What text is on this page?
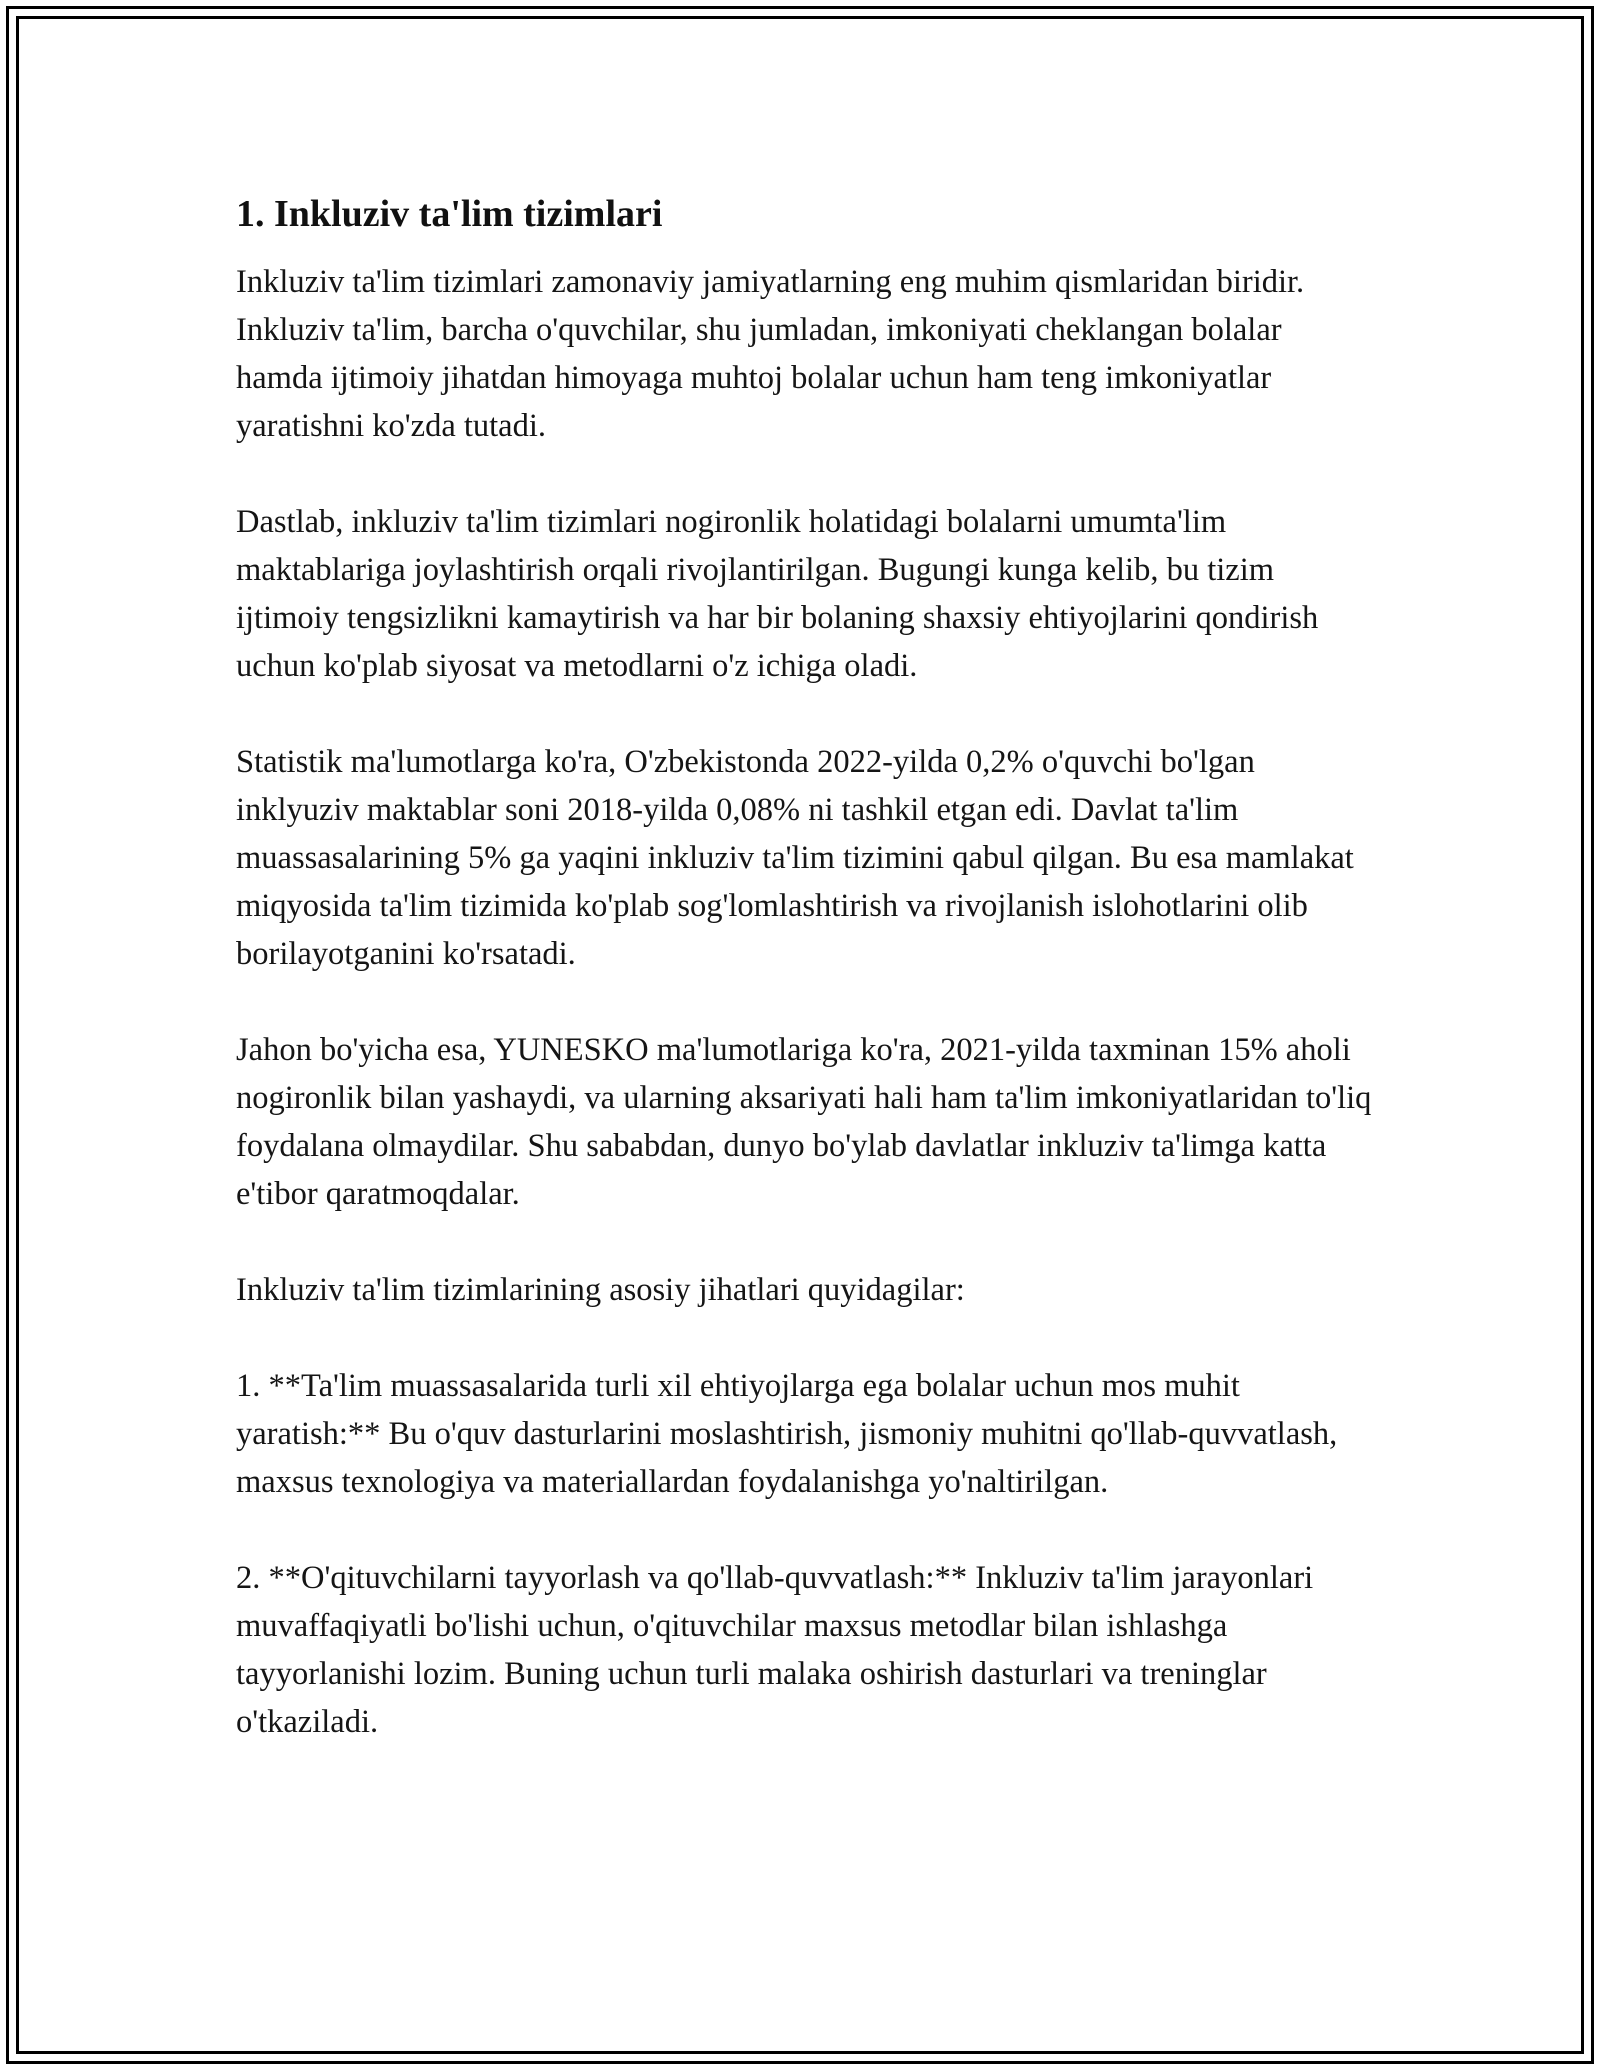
1. Inkluziv ta'lim tizimlari

Inkluziv ta'lim tizimlari zamonaviy jamiyatlarning eng muhim qismlaridan biridir. Inkluziv ta'lim, barcha o'quvchilar, shu jumladan, imkoniyati cheklangan bolalar hamda ijtimoiy jihatdan himoyaga muhtoj bolalar uchun ham teng imkoniyatlar yaratishni ko'zda tutadi.

Dastlab, inkluziv ta'lim tizimlari nogironlik holatidagi bolalarni umumta'lim maktablariga joylashtirish orqali rivojlantirilgan. Bugungi kunga kelib, bu tizim ijtimoiy tengsizlikni kamaytirish va har bir bolaning shaxsiy ehtiyojlarini qondirish uchun ko'plab siyosat va metodlarni o'z ichiga oladi.

Statistik ma'lumotlarga ko'ra, O'zbekistonda 2022-yilda 0,2% o'quvchi bo'lgan inklyuziv maktablar soni 2018-yilda 0,08% ni tashkil etgan edi. Davlat ta'lim muassasalarining 5% ga yaqini inkluziv ta'lim tizimini qabul qilgan. Bu esa mamlakat miqyosida ta'lim tizimida ko'plab sog'lomlashtirish va rivojlanish islohotlarini olib borilayotganini ko'rsatadi.

Jahon bo'yicha esa, YUNESKO ma'lumotlariga ko'ra, 2021-yilda taxminan 15% aholi nogironlik bilan yashaydi, va ularning aksariyati hali ham ta'lim imkoniyatlaridan to'liq foydalana olmaydilar. Shu sababdan, dunyo bo'ylab davlatlar inkluziv ta'limga katta e'tibor qaratmoqdalar.

Inkluziv ta'lim tizimlarining asosiy jihatlari quyidagilar:

1. **Ta'lim muassasalarida turli xil ehtiyojlarga ega bolalar uchun mos muhit yaratish:** Bu o'quv dasturlarini moslashtirish, jismoniy muhitni qo'llab-quvvatlash, maxsus texnologiya va materiallardan foydalanishga yo'naltirilgan.

2. **O'qituvchilarni tayyorlash va qo'llab-quvvatlash:** Inkluziv ta'lim jarayonlari muvaffaqiyatli bo'lishi uchun, o'qituvchilar maxsus metodlar bilan ishlashga tayyorlanishi lozim. Buning uchun turli malaka oshirish dasturlari va treninglar o'tkaziladi.
